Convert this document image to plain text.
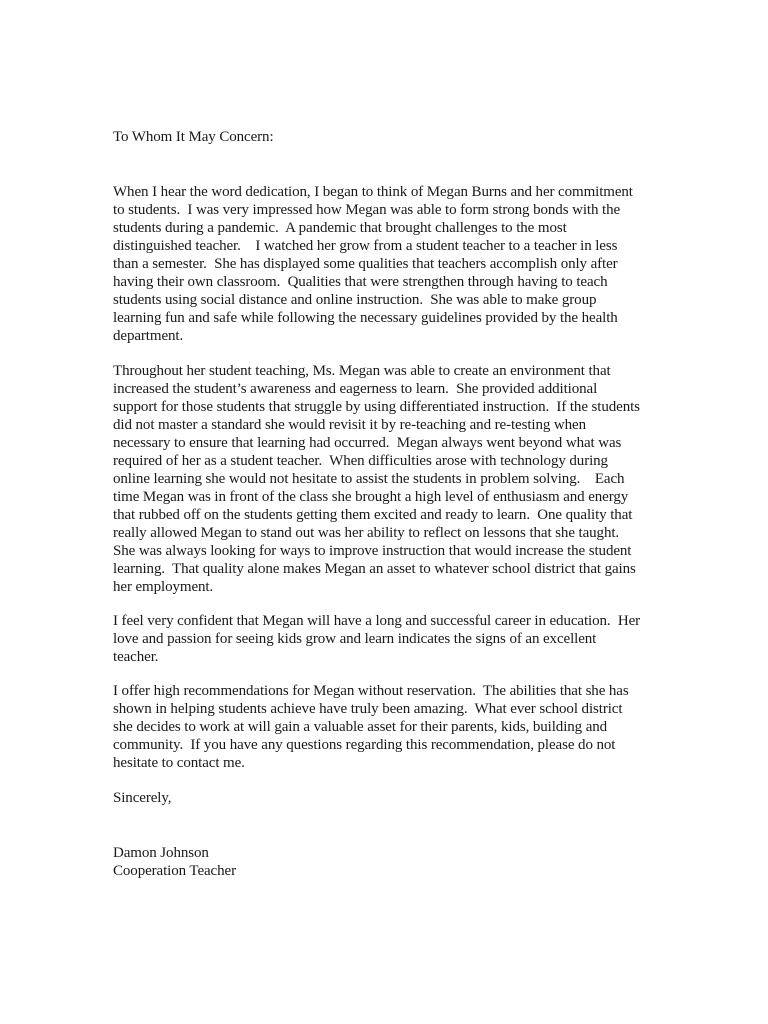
To Whom It May Concern:
When I hear the word dedication, I began to think of Megan Burns and her commitment
to students.  I was very impressed how Megan was able to form strong bonds with the
students during a pandemic.  A pandemic that brought challenges to the most
distinguished teacher.    I watched her grow from a student teacher to a teacher in less
than a semester.  She has displayed some qualities that teachers accomplish only after
having their own classroom.  Qualities that were strengthen through having to teach
students using social distance and online instruction.  She was able to make group
learning fun and safe while following the necessary guidelines provided by the health
department.
Throughout her student teaching, Ms. Megan was able to create an environment that
increased the student’s awareness and eagerness to learn.  She provided additional
support for those students that struggle by using differentiated instruction.  If the students
did not master a standard she would revisit it by re-teaching and re-testing when
necessary to ensure that learning had occurred.  Megan always went beyond what was
required of her as a student teacher.  When difficulties arose with technology during
online learning she would not hesitate to assist the students in problem solving.    Each
time Megan was in front of the class she brought a high level of enthusiasm and energy
that rubbed off on the students getting them excited and ready to learn.  One quality that
really allowed Megan to stand out was her ability to reflect on lessons that she taught.
She was always looking for ways to improve instruction that would increase the student
learning.  That quality alone makes Megan an asset to whatever school district that gains
her employment.
I feel very confident that Megan will have a long and successful career in education.  Her
love and passion for seeing kids grow and learn indicates the signs of an excellent
teacher.
I offer high recommendations for Megan without reservation.  The abilities that she has
shown in helping students achieve have truly been amazing.  What ever school district
she decides to work at will gain a valuable asset for their parents, kids, building and
community.  If you have any questions regarding this recommendation, please do not
hesitate to contact me.
Sincerely,
Damon Johnson
Cooperation Teacher
